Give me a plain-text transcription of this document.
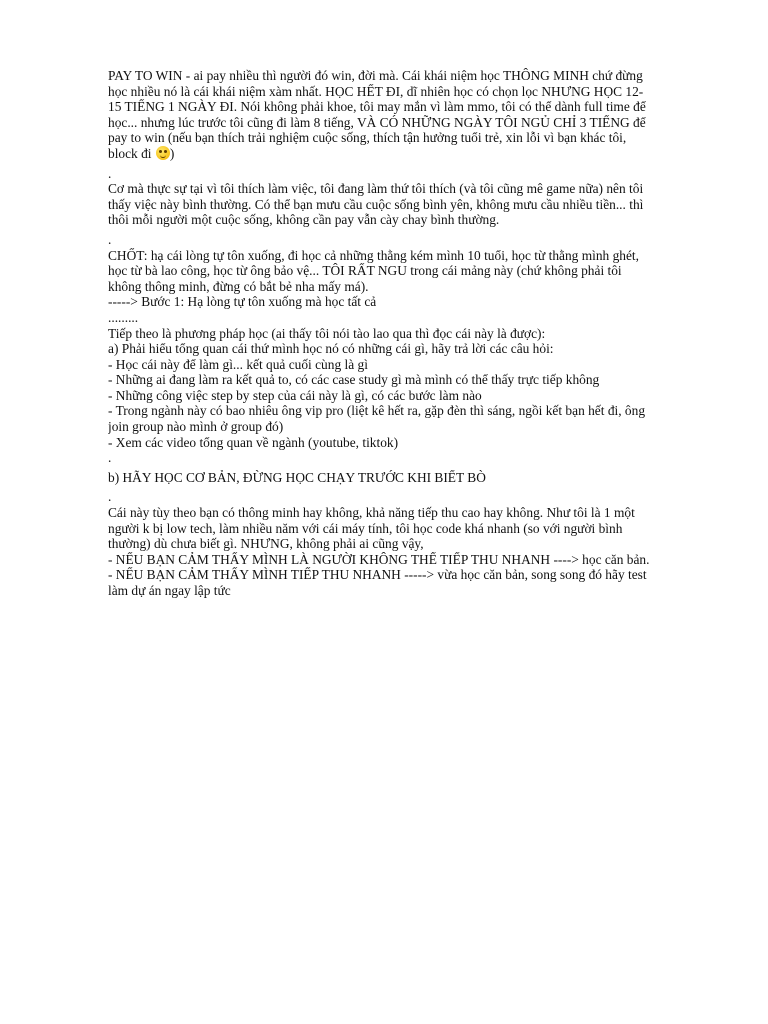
PAY TO WIN - ai pay nhiều thì người đó win, đời mà. Cái khái niệm học THÔNG MINH chứ đừng
học nhiều nó là cái khái niệm xàm nhất. HỌC HẾT ĐI, dĩ nhiên học có chọn lọc NHƯNG HỌC 12-
15 TIẾNG 1 NGÀY ĐI. Nói không phải khoe, tôi may mắn vì làm mmo, tôi có thể dành full time để
học... nhưng lúc trước tôi cũng đi làm 8 tiếng, VÀ CÓ NHỮNG NGÀY TÔI NGỦ CHỈ 3 TIẾNG để
pay to win (nếu bạn thích trải nghiệm cuộc sống, thích tận hưởng tuổi trẻ, xin lỗi vì bạn khác tôi,
block đi )
.
Cơ mà thực sự tại vì tôi thích làm việc, tôi đang làm thứ tôi thích (và tôi cũng mê game nữa) nên tôi
thấy việc này bình thường. Có thể bạn mưu cầu cuộc sống bình yên, không mưu cầu nhiều tiền... thì
thôi mỗi người một cuộc sống, không cần pay vẫn cày chay bình thường.
.
CHỐT: hạ cái lòng tự tôn xuống, đi học cả những thằng kém mình 10 tuổi, học từ thằng mình ghét,
học từ bà lao công, học từ ông bảo vệ... TÔI RẤT NGU trong cái mảng này (chứ không phải tôi
không thông minh, đừng có bắt bẻ nha mấy má).
-----> Bước 1: Hạ lòng tự tôn xuống mà học tất cả
.........
Tiếp theo là phương pháp học (ai thấy tôi nói tào lao qua thì đọc cái này là được):
a) Phải hiểu tổng quan cái thứ mình học nó có những cái gì, hãy trả lời các câu hỏi:
- Học cái này để làm gì... kết quả cuối cùng là gì
- Những ai đang làm ra kết quả to, có các case study gì mà mình có thể thấy trực tiếp không
- Những công việc step by step của cái này là gì, có các bước làm nào
- Trong ngành này có bao nhiêu ông vip pro (liệt kê hết ra, gặp đèn thì sáng, ngồi kết bạn hết đi, ông
join group nào mình ở group đó)
- Xem các video tổng quan về ngành (youtube, tiktok)
.
b) HÃY HỌC CƠ BẢN, ĐỪNG HỌC CHẠY TRƯỚC KHI BIẾT BÒ
.
Cái này tùy theo bạn có thông minh hay không, khả năng tiếp thu cao hay không. Như tôi là 1 một
người k bị low tech, làm nhiều năm với cái máy tính, tôi học code khá nhanh (so với người bình
thường) dù chưa biết gì. NHƯNG, không phải ai cũng vậy,
- NẾU BẠN CẢM THẤY MÌNH LÀ NGƯỜI KHÔNG THỂ TIẾP THU NHANH ----> học căn bản.
- NẾU BẠN CẢM THẤY MÌNH TIẾP THU NHANH -----> vừa học căn bản, song song đó hãy test
làm dự án ngay lập tức
